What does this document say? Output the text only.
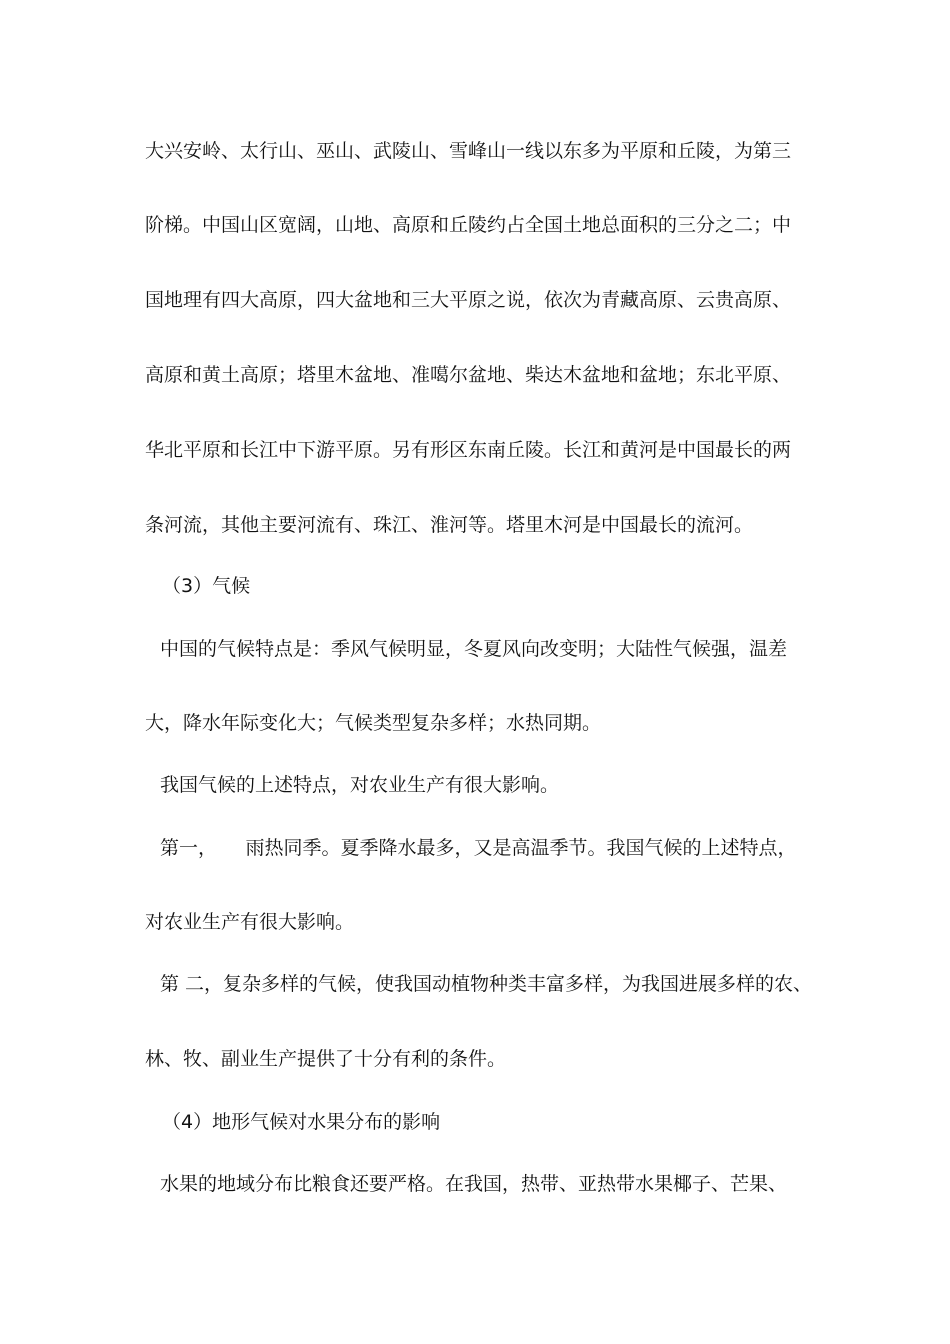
大兴安岭、太行山、巫山、武陵山、雪峰山一线以东多为平原和丘陵，为第三

阶梯。中国山区宽阔，山地、高原和丘陵约占全国土地总面积的三分之二；中

国地理有四大高原，四大盆地和三大平原之说，依次为青藏高原、云贵高原、

高原和黄土高原；塔里木盆地、准噶尔盆地、柴达木盆地和盆地；东北平原、

华北平原和长江中下游平原。另有形区东南丘陵。长江和黄河是中国最长的两

条河流，其他主要河流有、珠江、淮河等。塔里木河是中国最长的流河。

（3）气候

中国的气候特点是：季风气候明显，冬夏风向改变明；大陆性气候强，温差

大，降水年际变化大；气候类型复杂多样；水热同期。

我国气候的上述特点，对农业生产有很大影响。

第一，　　雨热同季。夏季降水最多，又是高温季节。我国气候的上述特点，

对农业生产有很大影响。

第 二，复杂多样的气候，使我国动植物种类丰富多样，为我国进展多样的农、

林、牧、副业生产提供了十分有利的条件。

（4）地形气候对水果分布的影响

水果的地域分布比粮食还要严格。在我国，热带、亚热带水果椰子、芒果、
